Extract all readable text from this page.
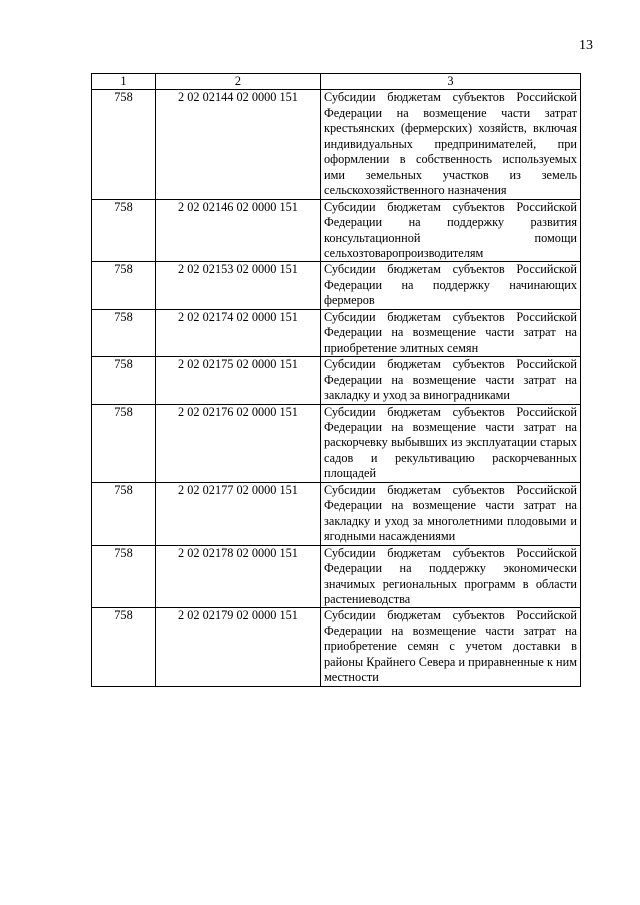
13
1	2	3
758	2 02 02144 02 0000 151	Субсидии бюджетам субъектов Российской Федерации на возмещение части затрат крестьянских (фермерских) хозяйств, включая индивидуальных предпринимателей, при оформлении в собственность используемых ими земельных участков из земель сельскохозяйственного назначения
758	2 02 02146 02 0000 151	Субсидии бюджетам субъектов Российской Федерации на поддержку развития консультационной помощи сельхозтоваропроизводителям
758	2 02 02153 02 0000 151	Субсидии бюджетам субъектов Российской Федерации на поддержку начинающих фермеров
758	2 02 02174 02 0000 151	Субсидии бюджетам субъектов Российской Федерации на возмещение части затрат на приобретение элитных семян
758	2 02 02175 02 0000 151	Субсидии бюджетам субъектов Российской Федерации на возмещение части затрат на закладку и уход за виноградниками
758	2 02 02176 02 0000 151	Субсидии бюджетам субъектов Российской Федерации на возмещение части затрат на раскорчевку выбывших из эксплуатации старых садов и рекультивацию раскорчеванных площадей
758	2 02 02177 02 0000 151	Субсидии бюджетам субъектов Российской Федерации на возмещение части затрат на закладку и уход за многолетними плодовыми и ягодными насаждениями
758	2 02 02178 02 0000 151	Субсидии бюджетам субъектов Российской Федерации на поддержку экономически значимых региональных программ в области растениеводства
758	2 02 02179 02 0000 151	Субсидии бюджетам субъектов Российской Федерации на возмещение части затрат на приобретение семян с учетом доставки в районы Крайнего Севера и приравненные к ним местности
